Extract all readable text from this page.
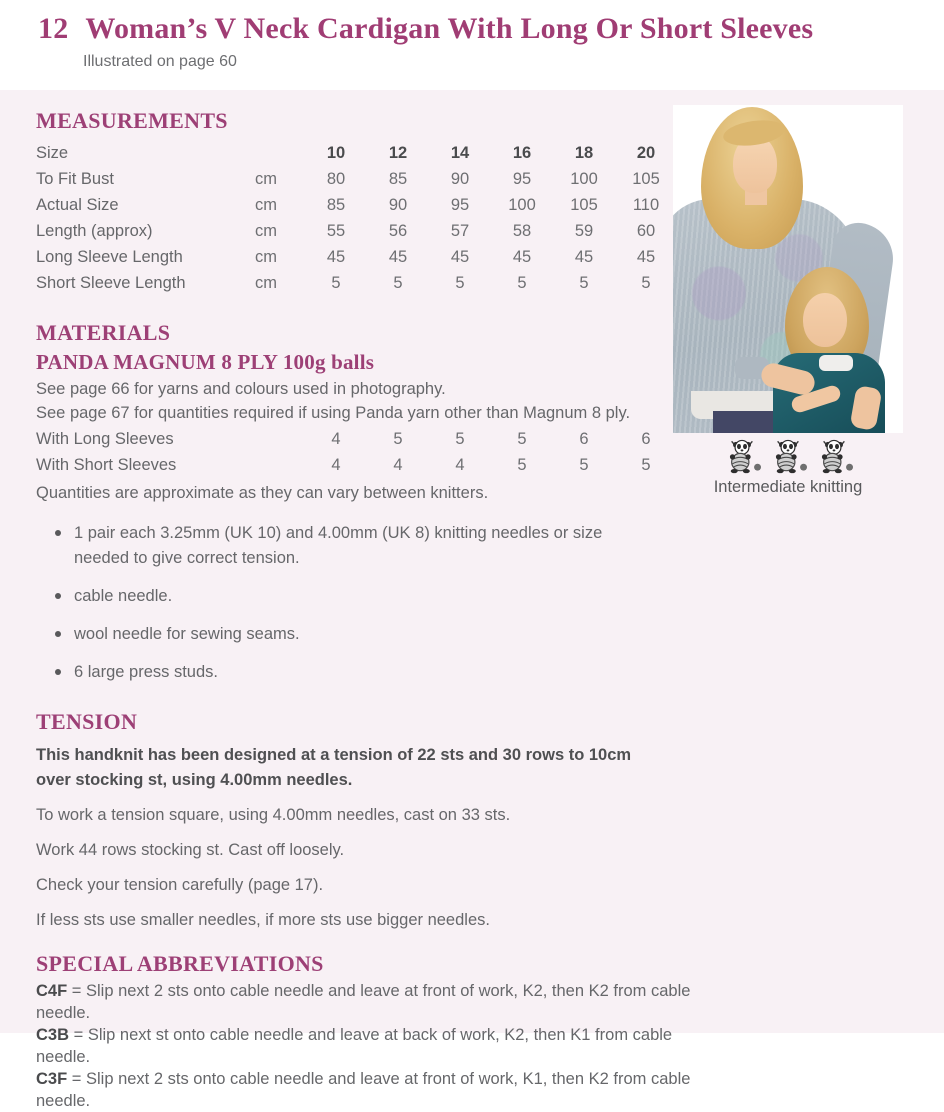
12 Woman’s V Neck Cardigan With Long Or Short Sleeves

Illustrated on page 60

MEASUREMENTS
Size		10	12	14	16	18	20
To Fit Bust	cm	80	85	90	95	100	105
Actual Size	cm	85	90	95	100	105	110
Length (approx)	cm	55	56	57	58	59	60
Long Sleeve Length	cm	45	45	45	45	45	45
Short Sleeve Length	cm	5	5	5	5	5	5
MATERIALS
PANDA MAGNUM 8 PLY 100g balls

See page 66 for yarns and colours used in photography.

See page 67 for quantities required if using Panda yarn other than Magnum 8 ply.

With Long Sleeves	4	5	5	5	6	6
With Short Sleeves	4	4	4	5	5	5

Quantities are approximate as they can vary between knitters.

1 pair each 3.25mm (UK 10) and 4.00mm (UK 8) knitting needles or size needed to give correct tension.
cable needle.
wool needle for sewing seams.
6 large press studs.
TENSION

This handknit has been designed at a tension of 22 sts and 30 rows to 10cm over stocking st, using 4.00mm needles.

To work a tension square, using 4.00mm needles, cast on 33 sts.

Work 44 rows stocking st. Cast off loosely.

Check your tension carefully (page 17).

If less sts use smaller needles, if more sts use bigger needles.

SPECIAL ABBREVIATIONS

C4F = Slip next 2 sts onto cable needle and leave at front of work, K2, then K2 from cable needle.

C3B = Slip next st onto cable needle and leave at back of work, K2, then K1 from cable needle.

C3F = Slip next 2 sts onto cable needle and leave at front of work, K1, then K2 from cable needle.

Intermediate knitting
